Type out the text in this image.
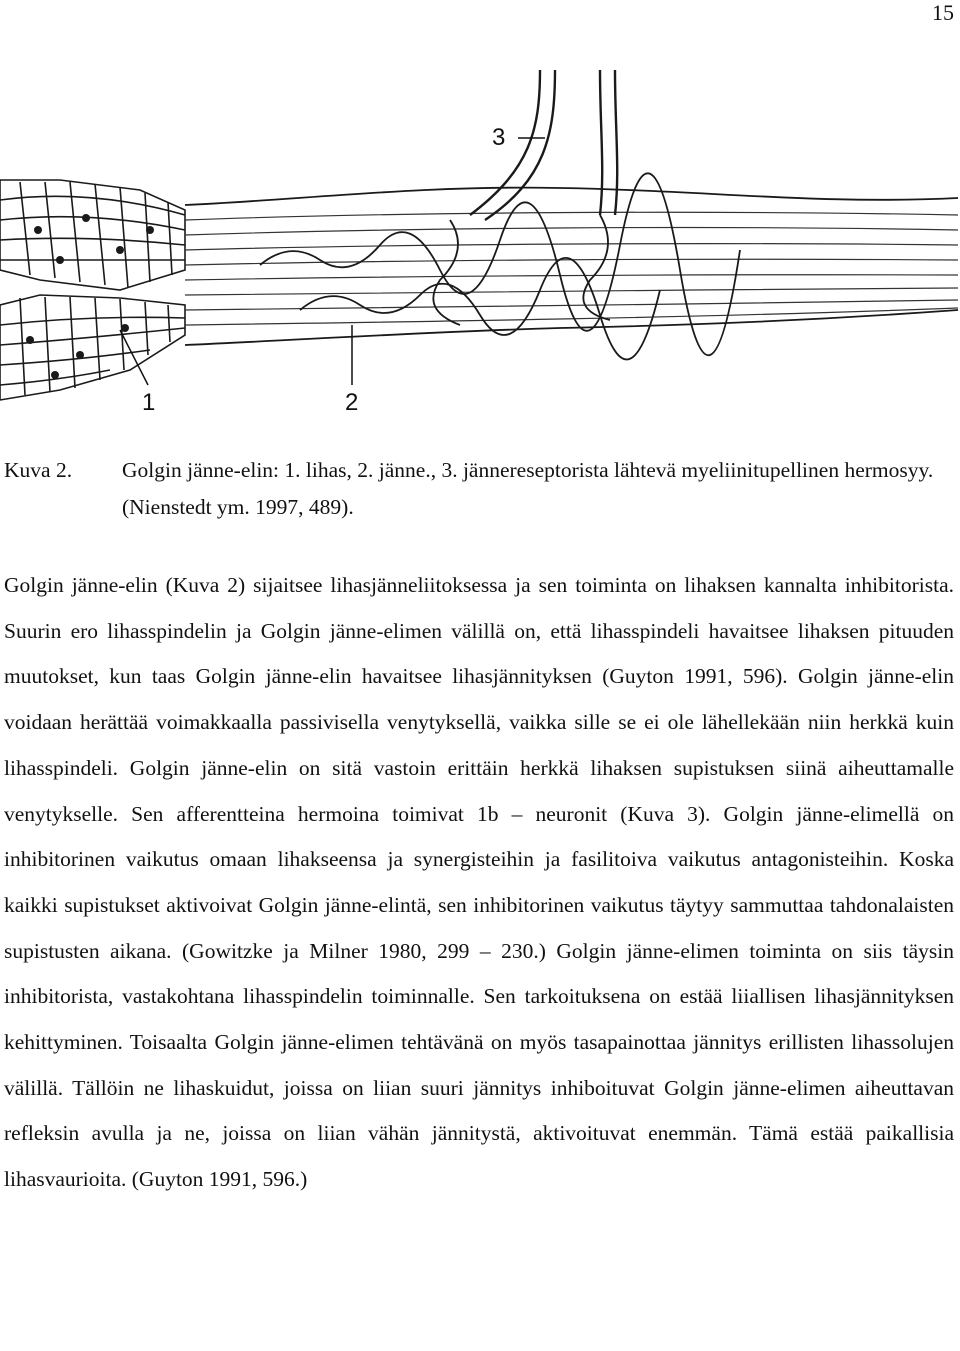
15
1	2
3
Kuva 2.	Golgin jänne-elin: 1. lihas, 2. jänne., 3. jännereseptorista lähtevä myeliinitupellinen hermosyy. (Nienstedt ym. 1997, 489).

Golgin jänne-elin (Kuva 2) sijaitsee lihasjänneliitoksessa ja sen toiminta on lihaksen kannalta inhibitorista. Suurin ero lihasspindelin ja Golgin jänne-elimen välillä on, että lihasspindeli havaitsee lihaksen pituuden muutokset, kun taas Golgin jänne-elin havaitsee lihasjännityksen (Guyton 1991, 596). Golgin jänne-elin voidaan herättää voimakkaalla passivisella venytyksellä, vaikka sille se ei ole lähellekään niin herkkä kuin lihasspindeli. Golgin jänne-elin on sitä vastoin erittäin herkkä lihaksen supistuksen siinä aiheuttamalle venytykselle. Sen afferentteina hermoina toimivat 1b – neuronit (Kuva 3). Golgin jänne-elimellä on inhibitorinen vaikutus omaan lihakseensa ja synergisteihin ja fasilitoiva vaikutus antagonisteihin. Koska kaikki supistukset aktivoivat Golgin jänne-elintä, sen inhibitorinen vaikutus täytyy sammuttaa tahdonalaisten supistusten aikana. (Gowitzke ja Milner 1980, 299 – 230.) Golgin jänne-elimen toiminta on siis täysin inhibitorista, vastakohtana lihasspindelin toiminnalle. Sen tarkoituksena on estää liiallisen lihasjännityksen kehittyminen. Toisaalta Golgin jänne-elimen tehtävänä on myös tasapainottaa jännitys erillisten lihassolujen välillä. Tällöin ne lihaskuidut, joissa on liian suuri jännitys inhiboituvat Golgin jänne-elimen aiheuttavan refleksin avulla ja ne, joissa on liian vähän jännitystä, aktivoituvat enemmän. Tämä estää paikallisia lihasvaurioita. (Guyton 1991, 596.)
